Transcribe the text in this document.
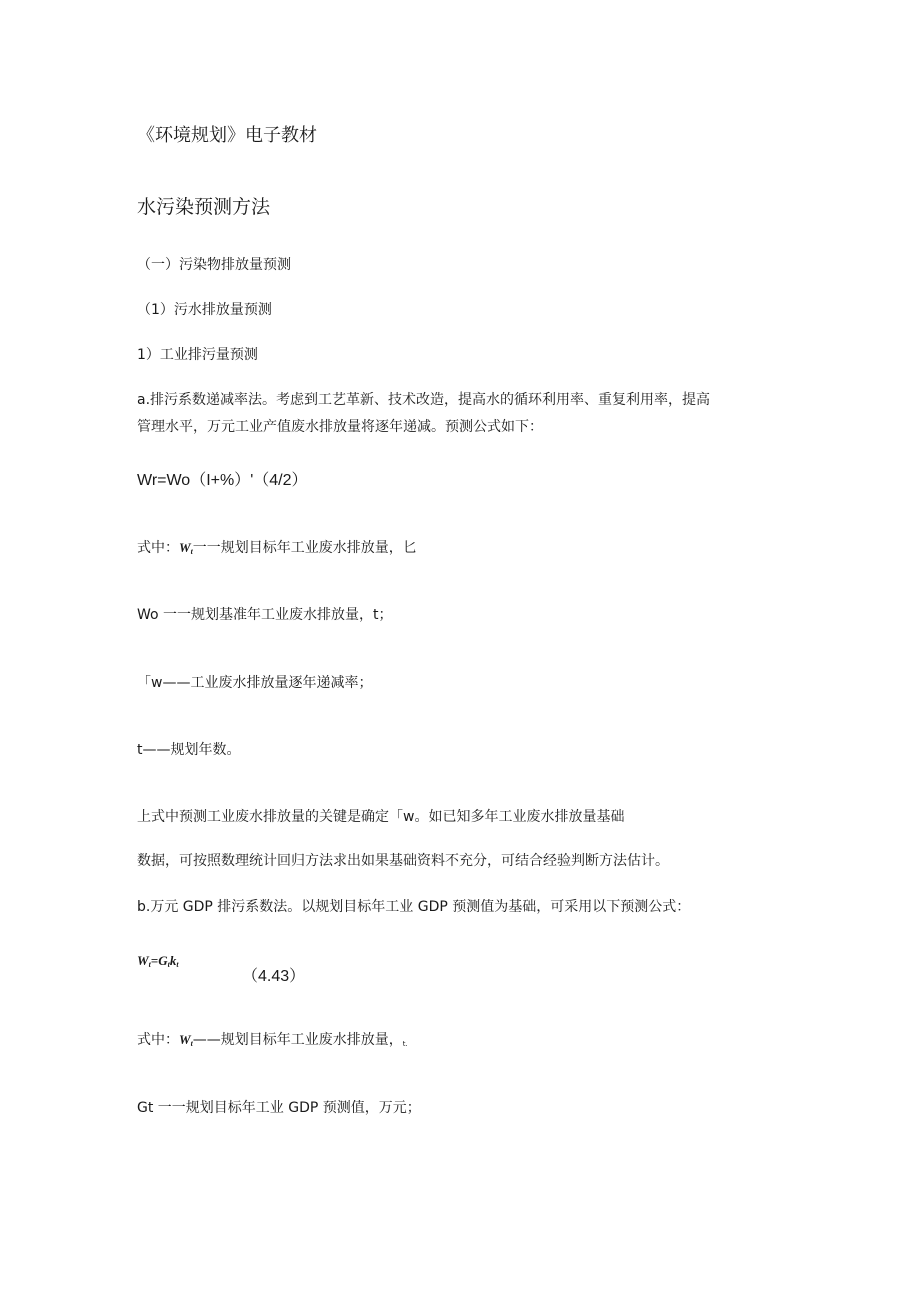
《环境规划》电子教材
水污染预测方法
（一）污染物排放量预测
（1）污水排放量预测
1）工业排污量预测
a.排污系数递减率法。考虑到工艺革新、技术改造，提高水的循环利用率、重复利用率，提高
管理水平，万元工业产值废水排放量将逐年递减。预测公式如下：
Wr=Wo（I+%）'（4/2）
式中：$W_t$一一规划目标年工业废水排放量，匕
Wo 一一规划基准年工业废水排放量，t；
「w——工业废水排放量逐年递减率；
t——规划年数。
上式中预测工业废水排放量的关键是确定「w。如已知多年工业废水排放量基础
数据，可按照数理统计回归方法求出如果基础资料不充分，可结合经验判断方法估计。
b.万元 GDP 排污系数法。以规划目标年工业 GDP 预测值为基础，可采用以下预测公式：
$W_t=G_tk_t$
（4.43）
式中：$W_t——$规划目标年工业废水排放量，t.
Gt 一一规划目标年工业 GDP 预测值，万元；
